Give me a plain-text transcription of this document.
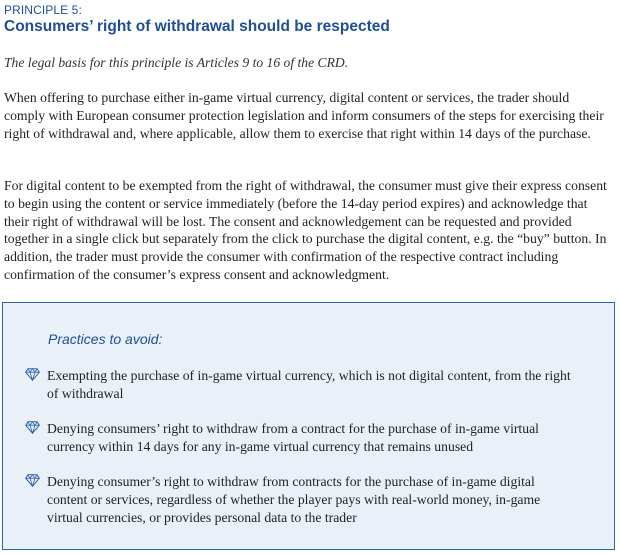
PRINCIPLE 5:
Consumers’ right of withdrawal should be respected
The legal basis for this principle is Articles 9 to 16 of the CRD.
When offering to purchase either in-game virtual currency, digital content or services, the trader should comply with European consumer protection legislation and inform consumers of the steps for exercising their right of withdrawal and, where applicable, allow them to exercise that right within 14 days of the purchase.
For digital content to be exempted from the right of withdrawal, the consumer must give their express consent to begin using the content or service immediately (before the 14-day period expires) and acknowledge that their right of withdrawal will be lost. The consent and acknowledgement can be requested and provided together in a single click but separately from the click to purchase the digital content, e.g. the “buy” button. In addition, the trader must provide the consumer with confirmation of the respective contract including confirmation of the consumer’s express consent and acknowledgment.
Practices to avoid:
Exempting the purchase of in-game virtual currency, which is not digital content, from the right of withdrawal
Denying consumers’ right to withdraw from a contract for the purchase of in-game virtual currency within 14 days for any in-game virtual currency that remains unused
Denying consumer’s right to withdraw from contracts for the purchase of in-game digital content or services, regardless of whether the player pays with real-world money, in-game virtual currencies, or provides personal data to the trader
